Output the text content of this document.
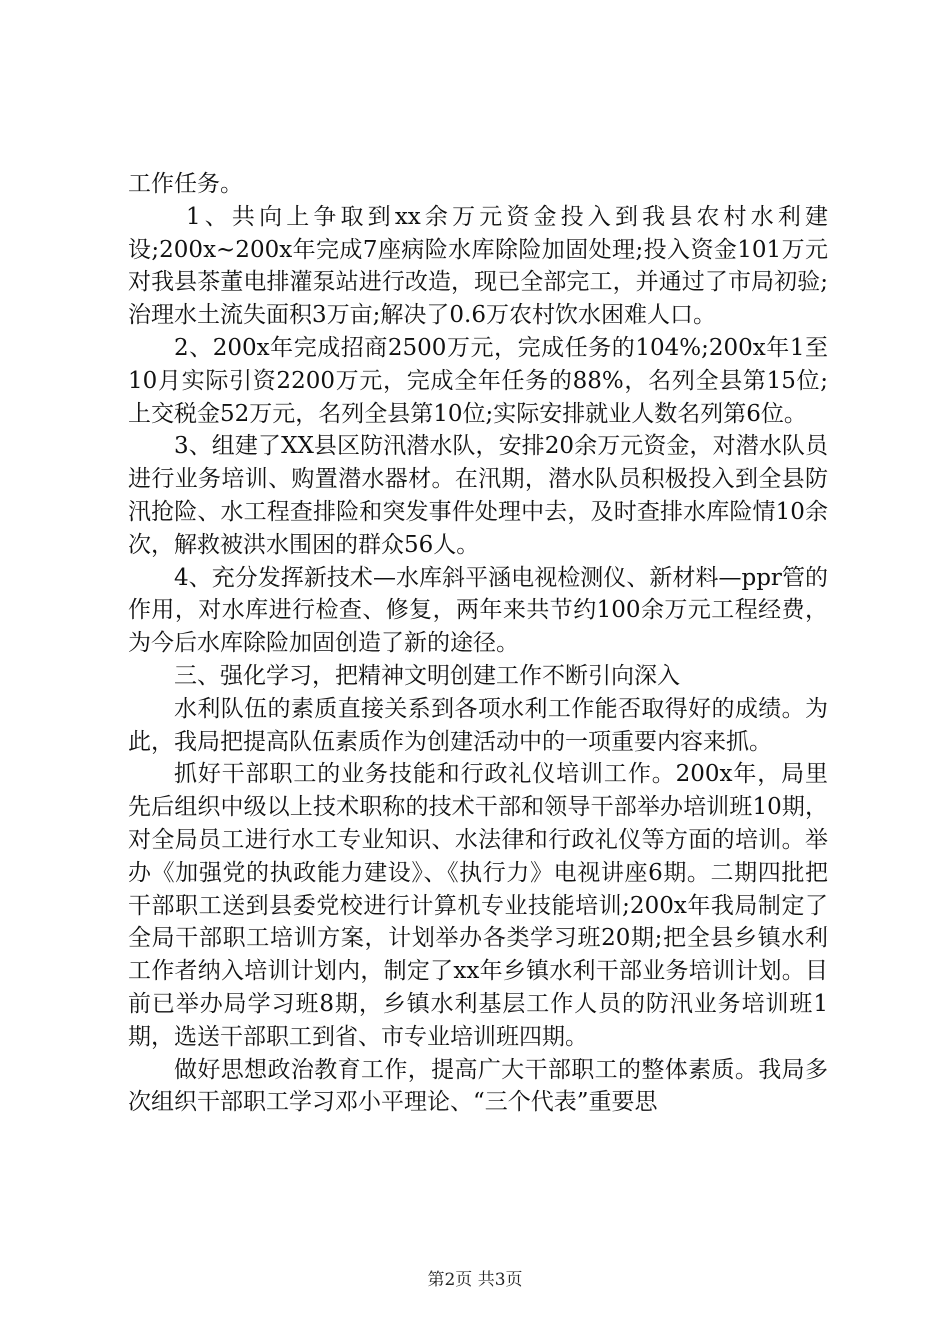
工作任务。

1、共向上争取到xx余万元资金投入到我县农村水利建设;200x~200x年完成7座病险水库除险加固处理;投入资金101万元对我县茶董电排灌泵站进行改造，现已全部完工，并通过了市局初验;治理水土流失面积3万亩;解决了0.6万农村饮水困难人口。

2、200x年完成招商2500万元，完成任务的104%;200x年1至10月实际引资2200万元，完成全年任务的88%，名列全县第15位;上交税金52万元，名列全县第10位;实际安排就业人数名列第6位。

3、组建了XX县区防汛潜水队，安排20余万元资金，对潜水队员进行业务培训、购置潜水器材。在汛期，潜水队员积极投入到全县防汛抢险、水工程查排险和突发事件处理中去，及时查排水库险情10余次，解救被洪水围困的群众56人。

4、充分发挥新技术—水库斜平涵电视检测仪、新材料—ppr管的作用，对水库进行检查、修复，两年来共节约100余万元工程经费，为今后水库除险加固创造了新的途径。

三、强化学习，把精神文明创建工作不断引向深入

水利队伍的素质直接关系到各项水利工作能否取得好的成绩。为此，我局把提高队伍素质作为创建活动中的一项重要内容来抓。

抓好干部职工的业务技能和行政礼仪培训工作。200x年，局里先后组织中级以上技术职称的技术干部和领导干部举办培训班10期，对全局员工进行水工专业知识、水法律和行政礼仪等方面的培训。举办《加强党的执政能力建设》、《执行力》电视讲座6期。二期四批把干部职工送到县委党校进行计算机专业技能培训;200x年我局制定了全局干部职工培训方案，计划举办各类学习班20期;把全县乡镇水利工作者纳入培训计划内，制定了xx年乡镇水利干部业务培训计划。目前已举办局学习班8期，乡镇水利基层工作人员的防汛业务培训班1期，选送干部职工到省、市专业培训班四期。

做好思想政治教育工作，提高广大干部职工的整体素质。我局多次组织干部职工学习邓小平理论、“三个代表”重要思

第2页 共3页
